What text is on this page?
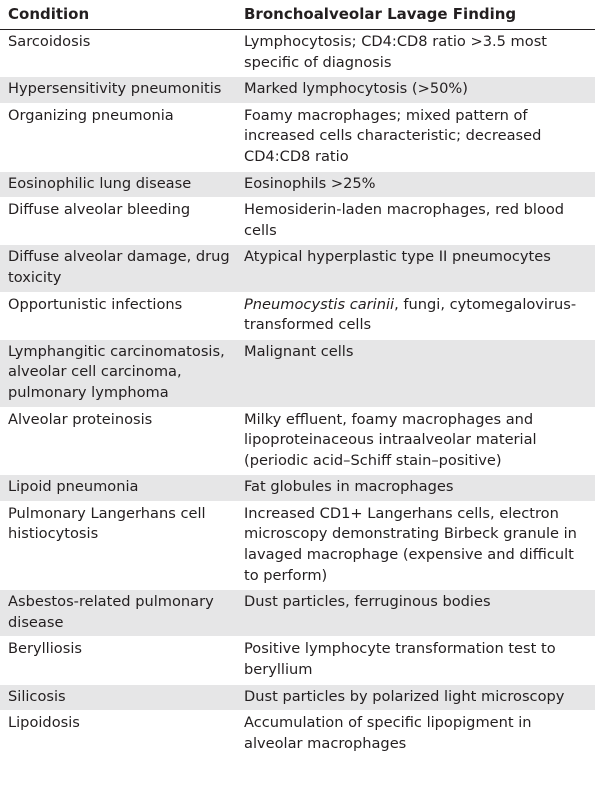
Condition	Bronchoalveolar Lavage Finding
Sarcoidosis	Lymphocytosis; CD4:CD8 ratio >3.5 most specific of diagnosis
Hypersensitivity pneumonitis	Marked lymphocytosis (>50%)
Organizing pneumonia	Foamy macrophages; mixed pattern of increased cells characteristic; decreased CD4:CD8 ratio
Eosinophilic lung disease	Eosinophils >25%
Diffuse alveolar bleeding	Hemosiderin-laden macrophages, red blood cells
Diffuse alveolar damage, drug toxicity	Atypical hyperplastic type II pneumocytes
Opportunistic infections	Pneumocystis carinii, fungi, cytomegalovirus-transformed cells
Lymphangitic carcinomatosis, alveolar cell carcinoma, pulmonary lymphoma	Malignant cells
Alveolar proteinosis	Milky effluent, foamy macrophages and lipoproteinaceous intraalveolar material (periodic acid–Schiff stain–positive)
Lipoid pneumonia	Fat globules in macrophages
Pulmonary Langerhans cell histiocytosis	Increased CD1+ Langerhans cells, electron microscopy demonstrating Birbeck granule in lavaged macrophage (expensive and difficult to perform)
Asbestos-related pulmonary disease	Dust particles, ferruginous bodies
Berylliosis	Positive lymphocyte transformation test to beryllium
Silicosis	Dust particles by polarized light microscopy
Lipoidosis	Accumulation of specific lipopigment in alveolar macrophages
